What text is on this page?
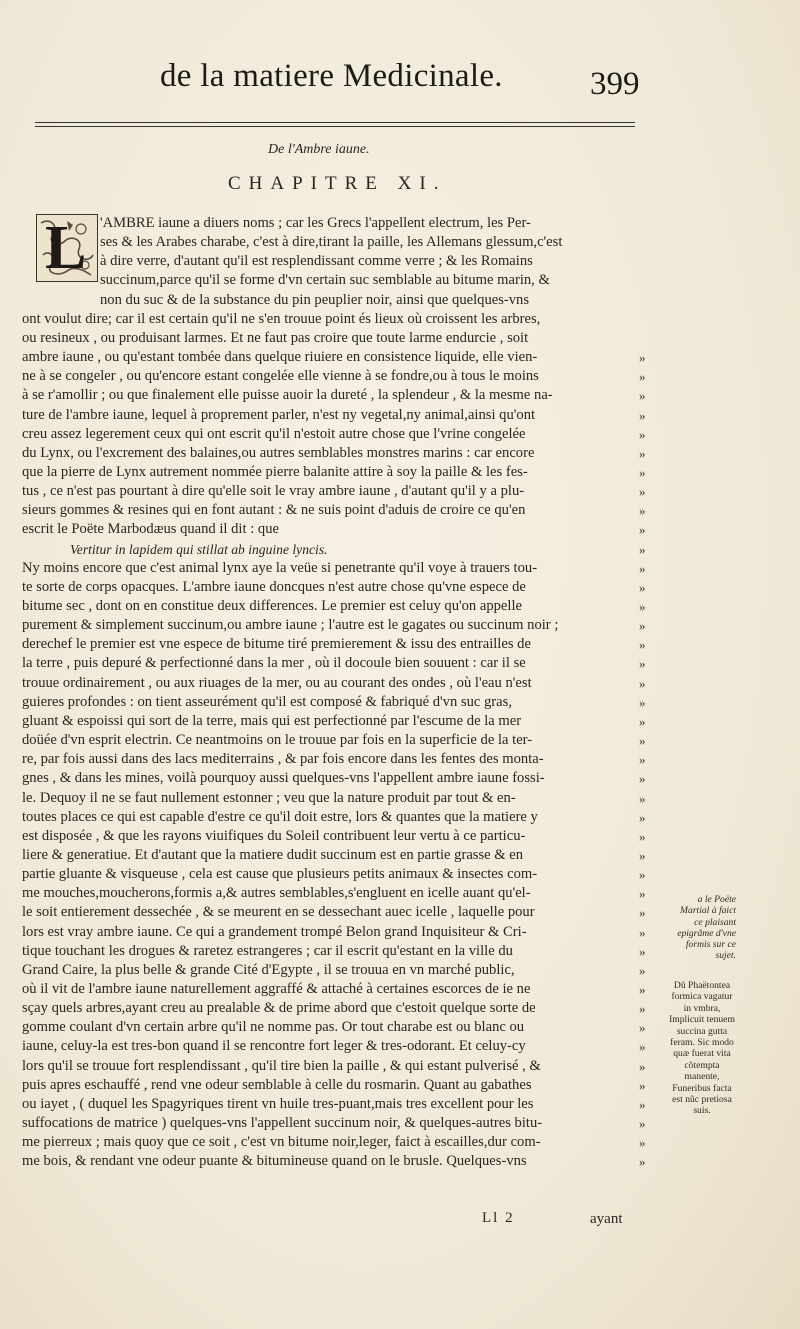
de la matiere Medicinale.	399
De l'Ambre iaune.
CHAPITRE XI.
L 'AMBRE iaune a diuers noms ; car les Grecs l'appellent electrum, les Per-
ses & les Arabes charabe, c'est à dire,tirant la paille, les Allemans glessum,c'est
à dire verre, d'autant qu'il est resplendissant comme verre ; & les Romains
succinum,parce qu'il se forme d'vn certain suc semblable au bitume marin, &
non du suc & de la substance du pin peuplier noir, ainsi que quelques-vns
ont voulut dire; car il est certain qu'il ne s'en trouue point és lieux où croissent les arbres,
ou resineux , ou produisant larmes. Et ne faut pas croire que toute larme endurcie , soit
ambre iaune , ou qu'estant tombée dans quelque riuiere en consistence liquide, elle vien-
ne à se congeler , ou qu'encore estant congelée elle vienne à se fondre,ou à tous le moins
à se r'amollir ; ou que finalement elle puisse auoir la dureté , la splendeur , & la mesme na-
ture de l'ambre iaune, lequel à proprement parler, n'est ny vegetal,ny animal,ainsi qu'ont
creu assez legerement ceux qui ont escrit qu'il n'estoit autre chose que l'vrine congelée
du Lynx, ou l'excrement des balaines,ou autres semblables monstres marins : car encore
que la pierre de Lynx autrement nommée pierre balanite attire à soy la paille & les fes-
tus , ce n'est pas pourtant à dire qu'elle soit le vray ambre iaune , d'autant qu'il y a plu-
sieurs gommes & resines qui en font autant : & ne suis point d'aduis de croire ce qu'en
escrit le Poëte Marbodæus quand il dit : que
Vertitur in lapidem qui stillat ab inguine lyncis.
Ny moins encore que c'est animal lynx aye la veüe si penetrante qu'il voye à trauers tou-
te sorte de corps opacques. L'ambre iaune doncques n'est autre chose qu'vne espece de
bitume sec , dont on en constitue deux differences. Le premier est celuy qu'on appelle
purement & simplement succinum,ou ambre iaune ; l'autre est le gagates ou succinum noir ;
derechef le premier est vne espece de bitume tiré premierement & issu des entrailles de
la terre , puis depuré & perfectionné dans la mer , où il docoule bien souuent : car il se
trouue ordinairement , ou aux riuages de la mer, ou au courant des ondes , où l'eau n'est
guieres profondes : on tient asseurément qu'il est composé & fabriqué d'vn suc gras,
gluant & espoissi qui sort de la terre, mais qui est perfectionné par l'escume de la mer
doüée d'vn esprit electrin. Ce neantmoins on le trouue par fois en la superficie de la ter-
re, par fois aussi dans des lacs mediterrains , & par fois encore dans les fentes des monta-
gnes , & dans les mines, voilà pourquoy aussi quelques-vns l'appellent ambre iaune fossi-
le. Dequoy il ne se faut nullement estonner ; veu que la nature produit par tout & en-
toutes places ce qui est capable d'estre ce qu'il doit estre, lors & quantes que la matiere y
est disposée , & que les rayons viuifiques du Soleil contribuent leur vertu à ce particu-
liere & generatiue. Et d'autant que la matiere dudit succinum est en partie grasse & en
partie gluante & visqueuse , cela est cause que plusieurs petits animaux & insectes com-
me mouches,moucherons,formis a,& autres semblables,s'engluent en icelle auant qu'el-
le soit entierement dessechée , & se meurent en se dessechant auec icelle , laquelle pour
lors est vray ambre iaune. Ce qui a grandement trompé Belon grand Inquisiteur & Cri-
tique touchant les drogues & raretez estrangeres ; car il escrit qu'estant en la ville du
Grand Caire, la plus belle & grande Cité d'Egypte , il se trouua en vn marché public,
où il vit de l'ambre iaune naturellement aggraffé & attaché à certaines escorces de ie ne
sçay quels arbres,ayant creu au prealable & de prime abord que c'estoit quelque sorte de
gomme coulant d'vn certain arbre qu'il ne nomme pas. Or tout charabe est ou blanc ou
iaune, celuy-la est tres-bon quand il se rencontre fort leger & tres-odorant. Et celuy-cy
lors qu'il se trouue fort resplendissant , qu'il tire bien la paille , & qui estant pulverisé , &
puis apres eschauffé , rend vne odeur semblable à celle du rosmarin. Quant au gabathes
ou iayet , ( duquel les Spagyriques tirent vn huile tres-puant,mais tres excellent pour les
suffocations de matrice ) quelques-vns l'appellent succinum noir, & quelques-autres bitu-
me pierreux ; mais quoy que ce soit , c'est vn bitume noir,leger, faict à escailles,dur com-
me bois, & rendant vne odeur puante & bitumineuse quand on le brusle. Quelques-vns
»
»
»
»
»
»
»
»
»
»
»
»
»
»
»
»
»
»
»
»
»
»
»
»
»
»
»
»
»
»
»
»
»
»
»
»
»
»
»
»
»
»
»
a le Poëte Martial à faict ce plaisant epigrãme d'vne formis sur ce sujet.
Dũ Phaëtontea formica vagatur in vmbra, Implicuit tenuem succina gutta feram. Sic modo quæ fuerat vita cõtempta manente, Funeribus facta est nũc pretiosa suis.
Ll 2	ayant
